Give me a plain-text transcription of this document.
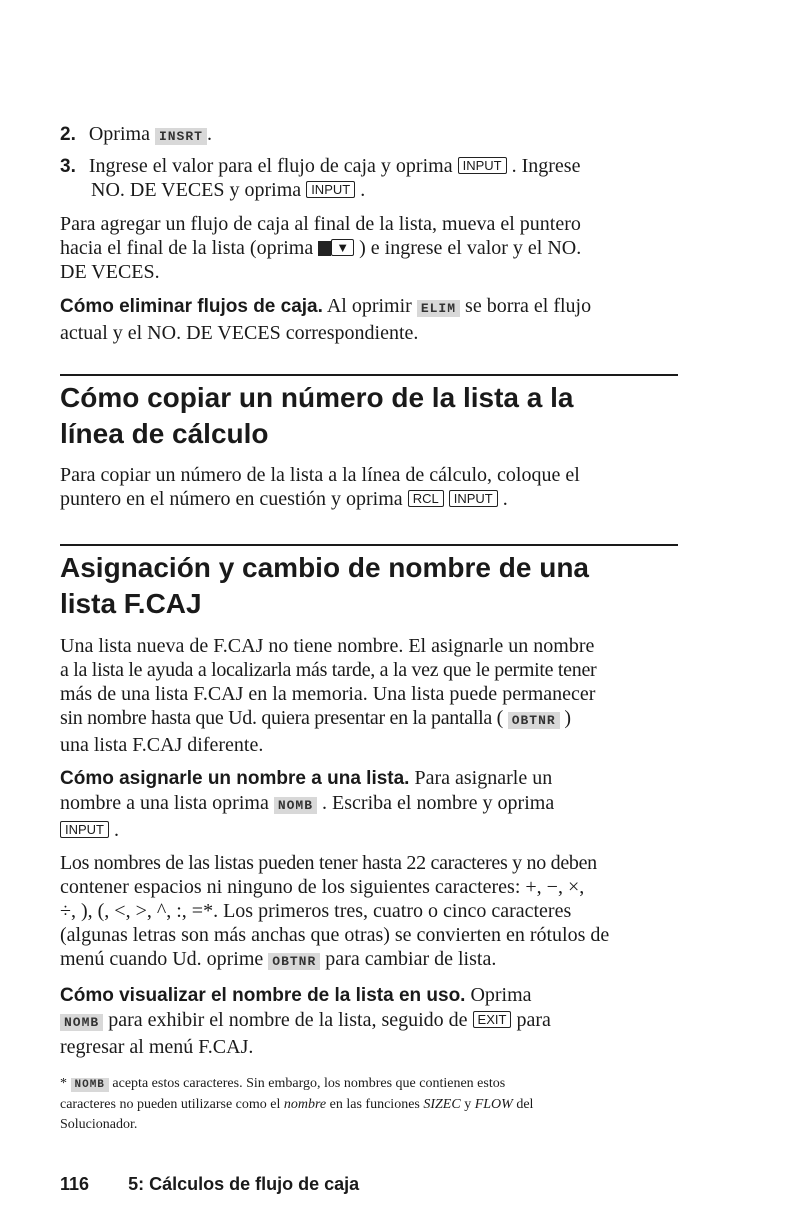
2. Oprima INSRT .
3. Ingrese el valor para el flujo de caja y oprima INPUT . Ingrese
NO. DE VECES y oprima INPUT .
Para agregar un flujo de caja al final de la lista, mueva el puntero
hacia el final de la lista (oprima ▼ ) e ingrese el valor y el NO.
DE VECES.
Cómo eliminar flujos de caja. Al oprimir ELIM se borra el flujo
actual y el NO. DE VECES correspondiente.
Cómo copiar un número de la lista a la
línea de cálculo
Para copiar un número de la lista a la línea de cálculo, coloque el
puntero en el número en cuestión y oprima RCL INPUT .
Asignación y cambio de nombre de una
lista F.CAJ
Una lista nueva de F.CAJ no tiene nombre. El asignarle un nombre
a la lista le ayuda a localizarla más tarde, a la vez que le permite tener
más de una lista F.CAJ en la memoria. Una lista puede permanecer
sin nombre hasta que Ud. quiera presentar en la pantalla ( OBTNR )
una lista F.CAJ diferente.
Cómo asignarle un nombre a una lista. Para asignarle un
nombre a una lista oprima NOMB . Escriba el nombre y oprima
INPUT .
Los nombres de las listas pueden tener hasta 22 caracteres y no deben
contener espacios ni ninguno de los siguientes caracteres: +, −, ×,
÷, ), (, <, >, ^, :, =*. Los primeros tres, cuatro o cinco caracteres
(algunas letras son más anchas que otras) se convierten en rótulos de
menú cuando Ud. oprime OBTNR para cambiar de lista.
Cómo visualizar el nombre de la lista en uso. Oprima
NOMB para exhibir el nombre de la lista, seguido de EXIT para
regresar al menú F.CAJ.
* NOMB acepta estos caracteres. Sin embargo, los nombres que contienen estos
caracteres no pueden utilizarse como el nombre en las funciones SIZEC y FLOW del
Solucionador.
116 5: Cálculos de flujo de caja
